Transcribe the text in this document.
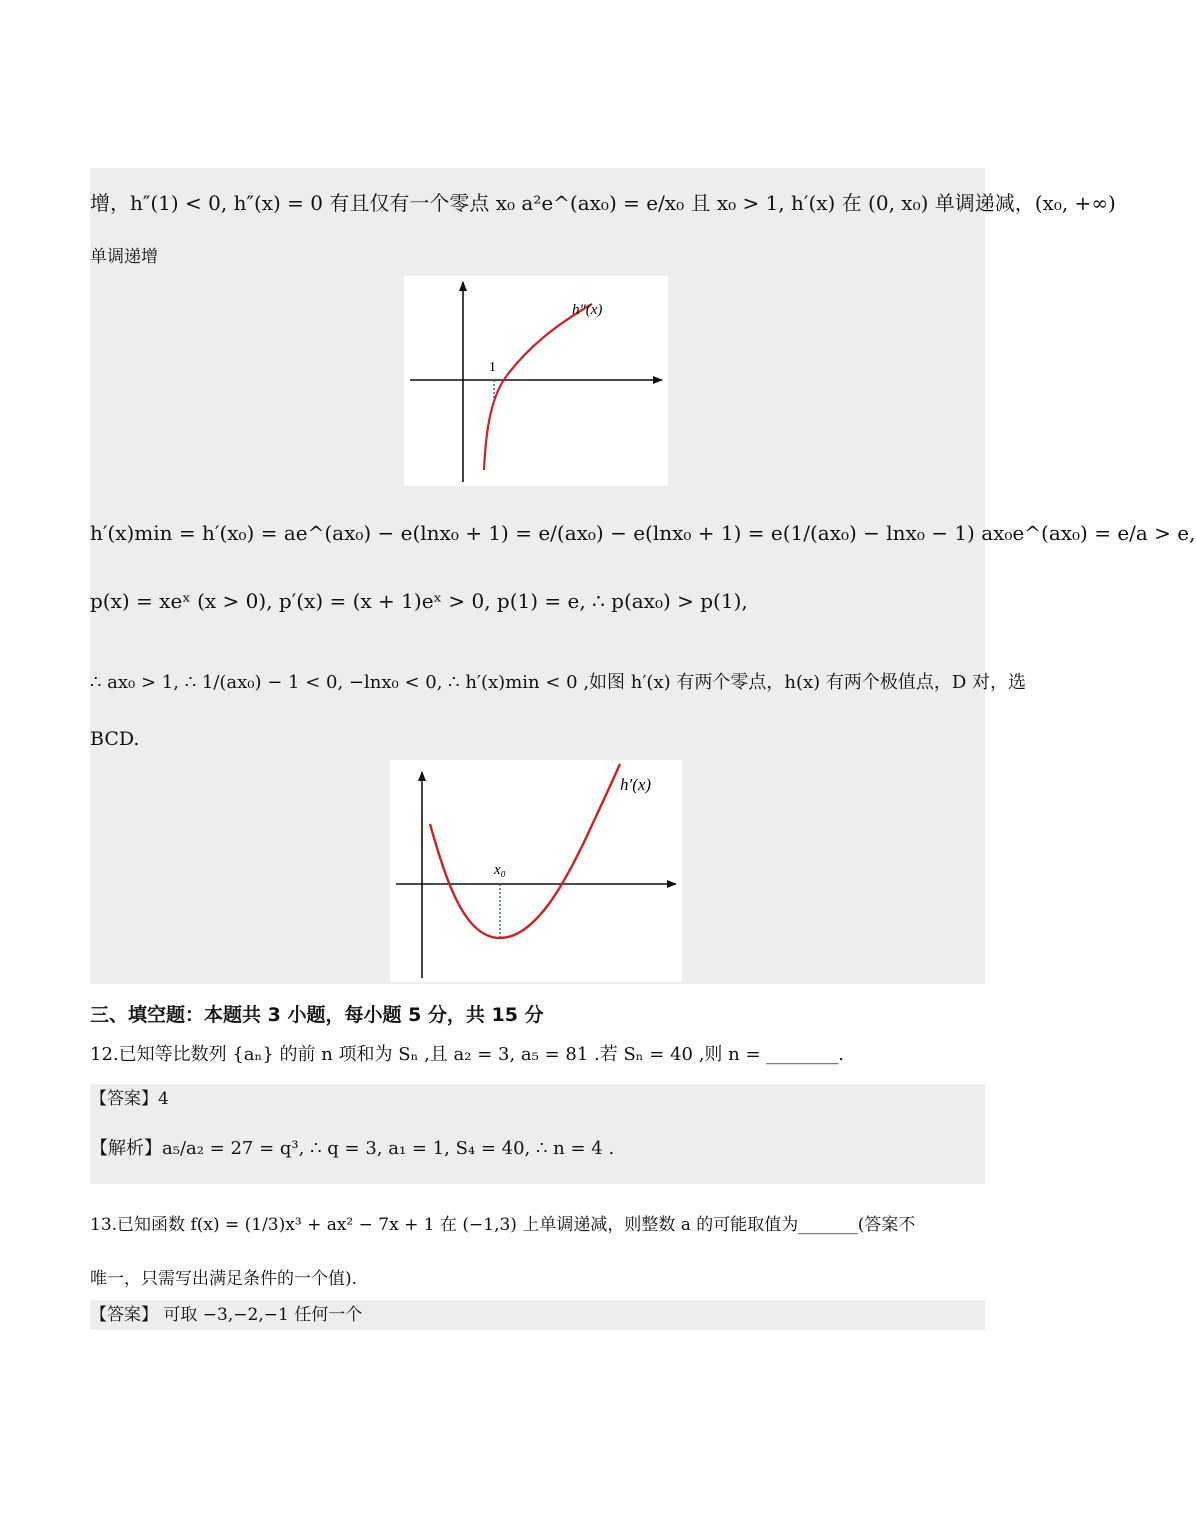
增，h″(1) < 0, h″(x) = 0 有且仅有一个零点 x₀ a²e^(ax₀) = e/x₀ 且 x₀ > 1, h′(x) 在 (0, x₀) 单调递减，(x₀, +∞)
单调递增
1
h″(x)
h′(x)min = h′(x₀) = ae^(ax₀) − e(lnx₀ + 1) = e/(ax₀) − e(lnx₀ + 1) = e(1/(ax₀) − lnx₀ − 1) ax₀e^(ax₀) = e/a > e,
p(x) = xeˣ (x > 0), p′(x) = (x + 1)eˣ > 0, p(1) = e, ∴ p(ax₀) > p(1),
∴ ax₀ > 1, ∴ 1/(ax₀) − 1 < 0, −lnx₀ < 0, ∴ h′(x)min < 0 ,如图 h′(x) 有两个零点，h(x) 有两个极值点，D 对，选
BCD.
x₀
h′(x)
三、填空题：本题共 3 小题，每小题 5 分，共 15 分
12.已知等比数列 {aₙ} 的前 n 项和为 Sₙ ,且 a₂ = 3, a₅ = 81 .若 Sₙ = 40 ,则 n = ________.
【答案】4
【解析】a₅/a₂ = 27 = q³, ∴ q = 3, a₁ = 1, S₄ = 40, ∴ n = 4 .
13.已知函数 f(x) = (1/3)x³ + ax² − 7x + 1 在 (−1,3) 上单调递减，则整数 a 的可能取值为_______(答案不
唯一，只需写出满足条件的一个值).
【答案】 可取 −3,−2,−1 任何一个
